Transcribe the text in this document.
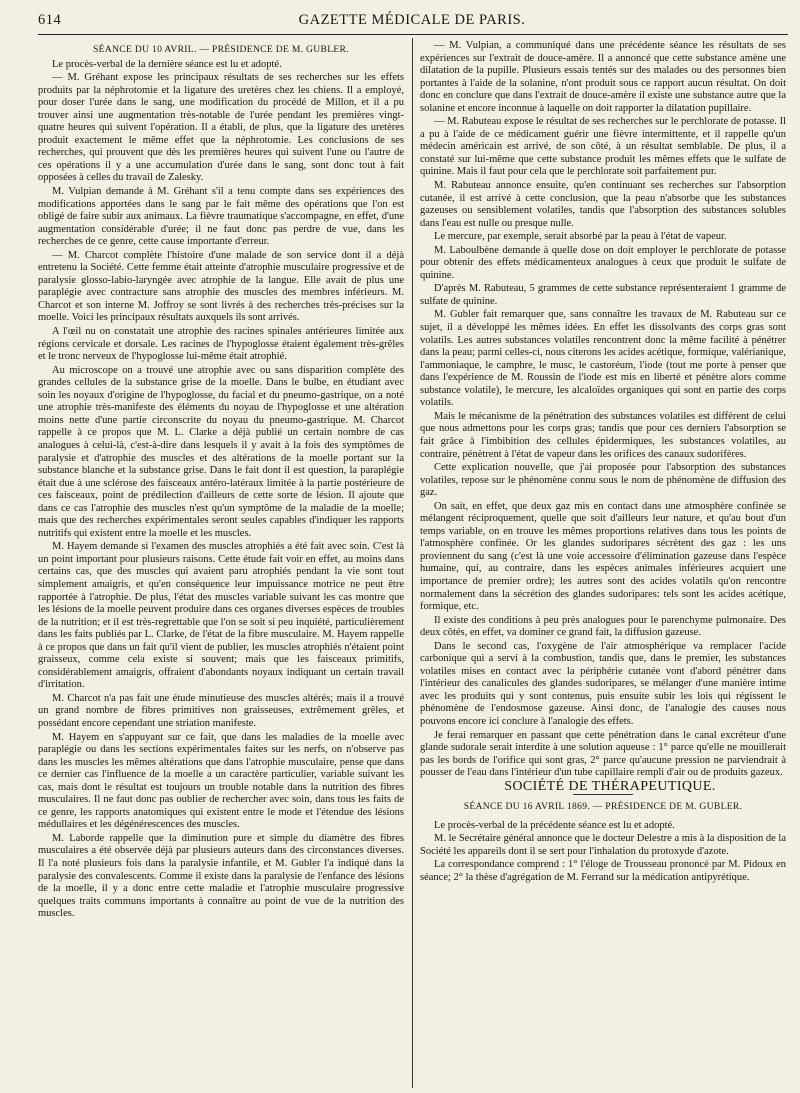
614	GAZETTE MÉDICALE DE PARIS.

SÉANCE DU 10 AVRIL. — PRÉSIDENCE DE M. GUBLER.

Le procès-verbal de la dernière séance est lu et adopté.

— M. Gréhant expose les principaux résultats de ses recherches sur les effets produits par la néphrotomie et la ligature des uretères chez les chiens. Il a employé, pour doser l'urée dans le sang, une modification du procédé de Millon, et il a pu trouver ainsi une augmentation très-notable de l'urée pendant les premières vingt-quatre heures qui suivent l'opération. Il a établi, de plus, que la ligature des uretères produit exactement le même effet que la néphrotomie. Les conclusions de ses recherches, qui prouvent que dès les premières heures qui suivent l'une ou l'autre de ces opérations il y a une accumulation d'urée dans le sang, sont donc tout à fait opposées à celles du travail de Zalesky.

M. Vulpian demande à M. Gréhant s'il a tenu compte dans ses expériences des modifications apportées dans le sang par le fait même des opérations que l'on est obligé de faire subir aux animaux. La fièvre traumatique s'accompagne, en effet, d'une augmentation considérable d'urée; il ne faut donc pas perdre de vue, dans les recherches de ce genre, cette cause importante d'erreur.

— M. Charcot complète l'histoire d'une malade de son service dont il a déjà entretenu la Société. Cette femme était atteinte d'atrophie musculaire progressive et de paralysie glosso-labio-laryngée avec atrophie de la langue. Elle avait de plus une paraplégie avec contracture sans atrophie des muscles des membres inférieurs. M. Charcot et son interne M. Joffroy se sont livrés à des recherches très-précises sur la moelle. Voici les principaux résultats auxquels ils sont arrivés.

A l'œil nu on constatait une atrophie des racines spinales antérieures limitée aux régions cervicale et dorsale. Les racines de l'hypoglosse étaient également très-grêles et le tronc nerveux de l'hypoglosse lui-même était atrophié.

Au microscope on a trouvé une atrophie avec ou sans disparition complète des grandes cellules de la substance grise de la moelle. Dans le bulbe, en étudiant avec soin les noyaux d'origine de l'hypoglosse, du facial et du pneumo-gastrique, on a noté une atrophie très-manifeste des éléments du noyau de l'hypoglosse et une altération moins nette d'une partie circonscrite du noyau du pneumo-gastrique. M. Charcot rappelle à ce propos que M. L. Clarke a déjà publié un certain nombre de cas analogues à celui-là, c'est-à-dire dans lesquels il y avait à la fois des symptômes de paralysie et d'atrophie des muscles et des altérations de la moelle portant sur la substance blanche et la substance grise. Dans le fait dont il est question, la paraplégie était due à une sclérose des faisceaux antéro-latéraux limitée à la partie postérieure de ces faisceaux, point de prédilection d'ailleurs de cette sorte de lésion. Il ajoute que dans ce cas l'atrophie des muscles n'est qu'un symptôme de la maladie de la moelle; mais que des recherches expérimentales seront seules capables d'indiquer les rapports nutritifs qui existent entre la moelle et les muscles.

M. Hayem demande si l'examen des muscles atrophiés a été fait avec soin. C'est là un point important pour plusieurs raisons. Cette étude fait voir en effet, au moins dans certains cas, que des muscles qui avaient paru atrophiés pendant la vie sont tout simplement amaigris, et qu'en conséquence leur impuissance motrice ne peut être rapportée à l'atrophie. De plus, l'état des muscles variable suivant les cas montre que les lésions de la moelle peuvent produire dans ces organes diverses espèces de troubles de la nutrition; et il est très-regrettable que l'on se soit si peu inquiété, particulièrement dans les faits publiés par L. Clarke, de l'état de la fibre musculaire. M. Hayem rappelle à ce propos que dans un fait qu'il vient de publier, les muscles atrophiés n'étaient point graisseux, comme cela existe si souvent; mais que les faisceaux primitifs, considérablement amaigris, offraient d'abondants noyaux indiquant un certain travail d'irritation.

M. Charcot n'a pas fait une étude minutieuse des muscles altérés; mais il a trouvé un grand nombre de fibres primitives non graisseuses, extrêmement grêles, et possédant encore cependant une striation manifeste.

M. Hayem en s'appuyant sur ce fait, que dans les maladies de la moelle avec paraplégie ou dans les sections expérimentales faites sur les nerfs, on n'observe pas dans les muscles les mêmes altérations que dans l'atrophie musculaire, pense que dans ce dernier cas l'influence de la moelle a un caractère particulier, variable suivant les cas, mais dont le résultat est toujours un trouble notable dans la nutrition des fibres musculaires. Il ne faut donc pas oublier de rechercher avec soin, dans tous les faits de ce genre, les rapports anatomiques qui existent entre le mode et l'étendue des lésions médullaires et les dégénérescences des muscles.

M. Laborde rappelle que la diminution pure et simple du diamètre des fibres musculaires a été observée déjà par plusieurs auteurs dans des circonstances diverses. Il l'a noté plusieurs fois dans la paralysie infantile, et M. Gubler l'a indiqué dans la paralysie des convalescents. Comme il existe dans la paralysie de l'enfance des lésions de la moelle, il y a donc entre cette maladie et l'atrophie musculaire progressive quelques traits communs importants à connaître au point de vue de la nutrition des muscles.

— M. Vulpian, a communiqué dans une précédente séance les résultats de ses expériences sur l'extrait de douce-amère. Il a annoncé que cette substance amène une dilatation de la pupille. Plusieurs essais tentés sur des malades ou des personnes bien portantes à l'aide de la solanine, n'ont produit sous ce rapport aucun résultat. On doit donc en conclure que dans l'extrait de douce-amère il existe une substance autre que la solanine et encore inconnue à laquelle on doit rapporter la dilatation pupillaire.

— M. Rabuteau expose le résultat de ses recherches sur le perchlorate de potasse. Il a pu à l'aide de ce médicament guérir une fièvre intermittente, et il rappelle qu'un médecin américain est arrivé, de son côté, à un résultat semblable. De plus, il a constaté sur lui-même que cette substance produit les mêmes effets que le sulfate de quinine. Mais il faut pour cela que le perchlorate soit parfaitement pur.

M. Rabuteau annonce ensuite, qu'en continuant ses recherches sur l'absorption cutanée, il est arrivé à cette conclusion, que la peau n'absorbe que les substances gazeuses ou sensiblement volatiles, tandis que l'absorption des substances solubles dans l'eau est nulle ou presque nulle.

Le mercure, par exemple, serait absorbé par la peau à l'état de vapeur.

M. Laboulbène demande à quelle dose on doit employer le perchlorate de potasse pour obtenir des effets médicamenteux analogues à ceux que produit le sulfate de quinine.

D'après M. Rabuteau, 5 grammes de cette substance représenteraient 1 gramme de sulfate de quinine.

M. Gubler fait remarquer que, sans connaître les travaux de M. Rabuteau sur ce sujet, il a développé les mêmes idées. En effet les dissolvants des corps gras sont volatils. Les autres substances volatiles rencontrent donc la même facilité à pénétrer dans la peau; parmi celles-ci, nous citerons les acides acétique, formique, valérianique, l'ammoniaque, le camphre, le musc, le castoréum, l'iode (tout me porte à penser que dans l'expérience de M. Roussin de l'iode est mis en liberté et pénètre alors comme substance volatile), le mercure, les alcaloïdes organiques qui sont en partie des corps volatils.

Mais le mécanisme de la pénétration des substances volatiles est différent de celui que nous admettons pour les corps gras; tandis que pour ces derniers l'absorption se fait grâce à l'imbibition des cellules épidermiques, les substances volatiles, au contraire, pénètrent à l'état de vapeur dans les orifices des canaux sudorifères.

Cette explication nouvelle, que j'ai proposée pour l'absorption des substances volatiles, repose sur le phénomène connu sous le nom de phénomène de diffusion des gaz.

On sait, en effet, que deux gaz mis en contact dans une atmosphère confinée se mélangent réciproquement, quelle que soit d'ailleurs leur nature, et qu'au bout d'un temps variable, on en trouve les mêmes proportions relatives dans tous les points de l'atmosphère confinée. Or les glandes sudoripares sécrètent des gaz : les uns proviennent du sang (c'est là une voie accessoire d'élimination gazeuse dans l'espèce humaine, qui, au contraire, dans les espèces animales inférieures acquiert une importance de premier ordre); les autres sont des acides volatils qu'on rencontre normalement dans la sécrétion des glandes sudoripares: tels sont les acides acétique, formique, etc.

Il existe des conditions à peu près analogues pour le parenchyme pulmonaire. Des deux côtés, en effet, va dominer ce grand fait, la diffusion gazeuse.

Dans le second cas, l'oxygène de l'air atmosphérique va remplacer l'acide carbonique qui a servi à la combustion, tandis que, dans le premier, les substances volatiles mises en contact avec la périphérie cutanée vont d'abord pénétrer dans l'intérieur des canalicules des glandes sudoripares, se mélanger d'une manière intime avec les produits qui y sont contenus, puis ensuite subir les lois qui régissent le phénomène de l'endosmose gazeuse. Ainsi donc, de l'analogie des causes nous pouvons encore ici conclure à l'analogie des effets.

Je ferai remarquer en passant que cette pénétration dans le canal excréteur d'une glande sudorale serait interdite à une solution aqueuse : 1° parce qu'elle ne mouillerait pas les bords de l'orifice qui sont gras, 2° parce qu'aucune pression ne parviendrait à pousser de l'eau dans l'intérieur d'un tube capillaire rempli d'air ou de produits gazeux.

SOCIÉTÉ DE THÉRAPEUTIQUE.

SÉANCE DU 16 AVRIL 1869. — PRÉSIDENCE DE M. GUBLER.

Le procès-verbal de la précédente séance est lu et adopté.

M. le Secrétaire général annonce que le docteur Delestre a mis à la disposition de la Société les appareils dont il se sert pour l'inhalation du protoxyde d'azote.

La correspondance comprend : 1° l'éloge de Trousseau prononcé par M. Pidoux en séance; 2° la thèse d'agrégation de M. Ferrand sur la médication antipyrétique.
